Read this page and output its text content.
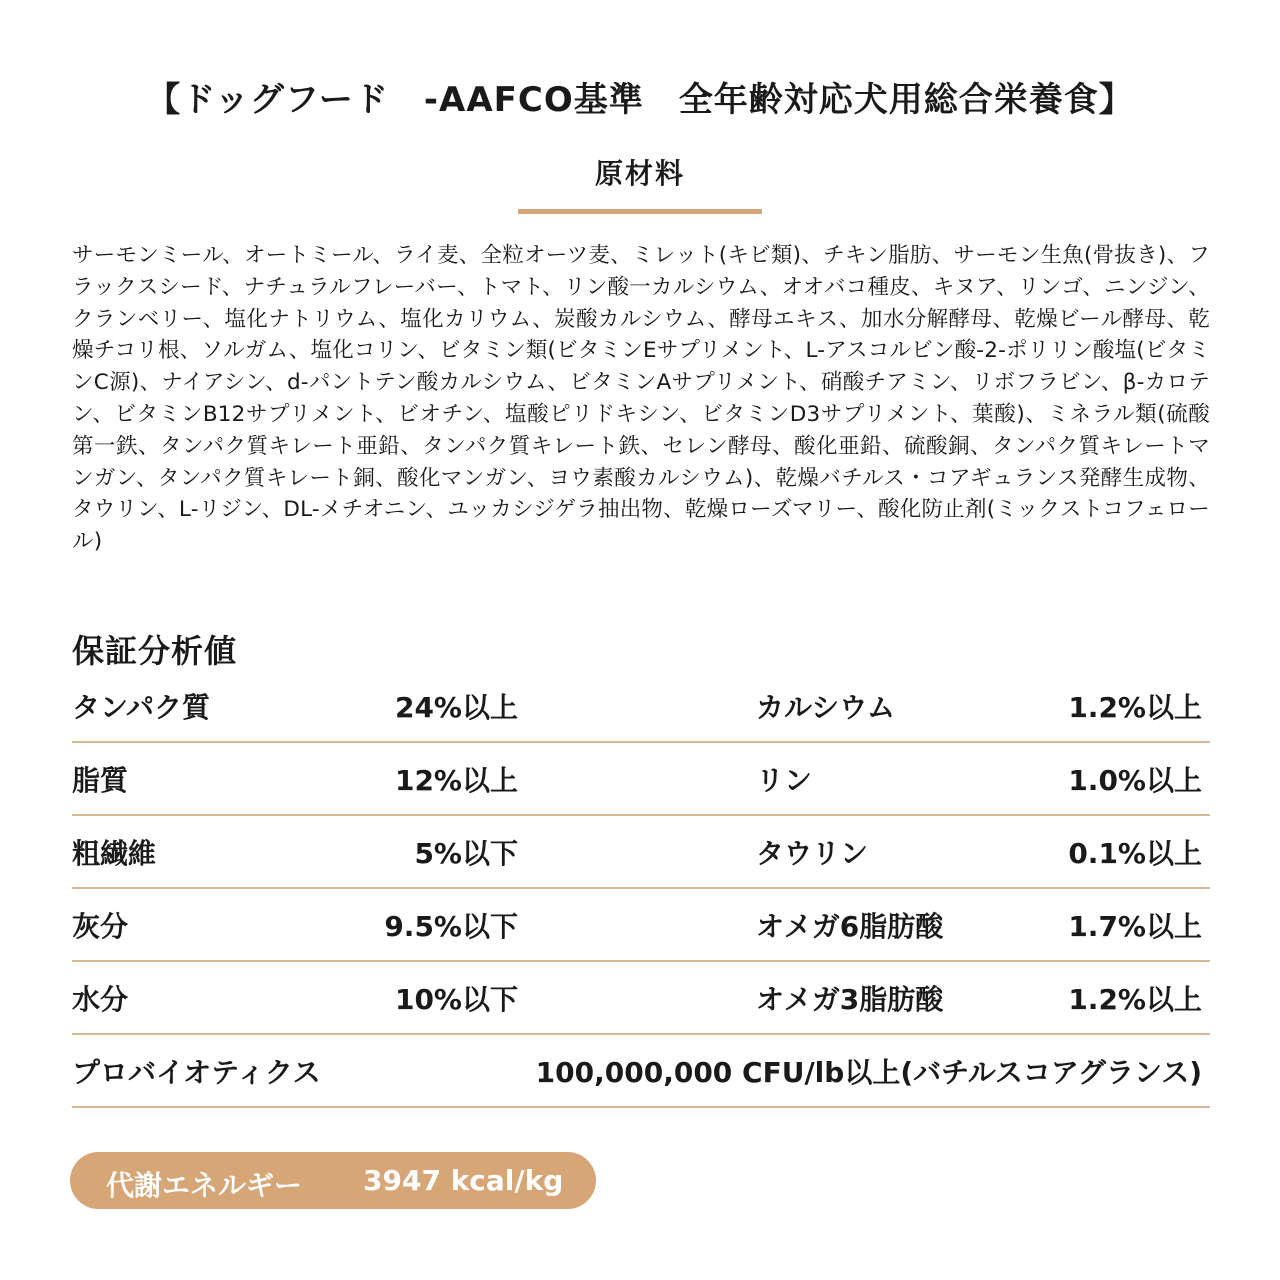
【ドッグフード　-AAFCO基準　全年齢対応犬用総合栄養食】
原材料
サーモンミール、オートミール、ライ麦、全粒オーツ麦、ミレット(キビ類)、チキン脂肪、サーモン生魚(骨抜き)、フラックスシード、ナチュラルフレーバー、トマト、リン酸一カルシウム、オオバコ種皮、キヌア、リンゴ、ニンジン、クランベリー、塩化ナトリウム、塩化カリウム、炭酸カルシウム、酵母エキス、加水分解酵母、乾燥ビール酵母、乾燥チコリ根、ソルガム、塩化コリン、ビタミン類(ビタミンEサプリメント、L-アスコルビン酸-2-ポリリン酸塩(ビタミンC源)、ナイアシン、d-パントテン酸カルシウム、ビタミンAサプリメント、硝酸チアミン、リボフラビン、β-カロテン、ビタミンB12サプリメント、ビオチン、塩酸ピリドキシン、ビタミンD3サプリメント、葉酸)、ミネラル類(硫酸第一鉄、タンパク質キレート亜鉛、タンパク質キレート鉄、セレン酵母、酸化亜鉛、硫酸銅、タンパク質キレートマンガン、タンパク質キレート銅、酸化マンガン、ヨウ素酸カルシウム)、乾燥バチルス・コアギュランス発酵生成物、タウリン、L-リジン、DL-メチオニン、ユッカシジゲラ抽出物、乾燥ローズマリー、酸化防止剤(ミックストコフェロール)
保証分析値
タンパク質	24%以上	カルシウム	1.2%以上
脂質	12%以上	リン	1.0%以上
粗繊維	5%以下	タウリン	0.1%以上
灰分	9.5%以下	オメガ6脂肪酸	1.7%以上
水分	10%以下	オメガ3脂肪酸	1.2%以上
プロバイオティクス	100,000,000 CFU/lb以上(バチルスコアグランス)
代謝エネルギー 3947 kcal/kg
